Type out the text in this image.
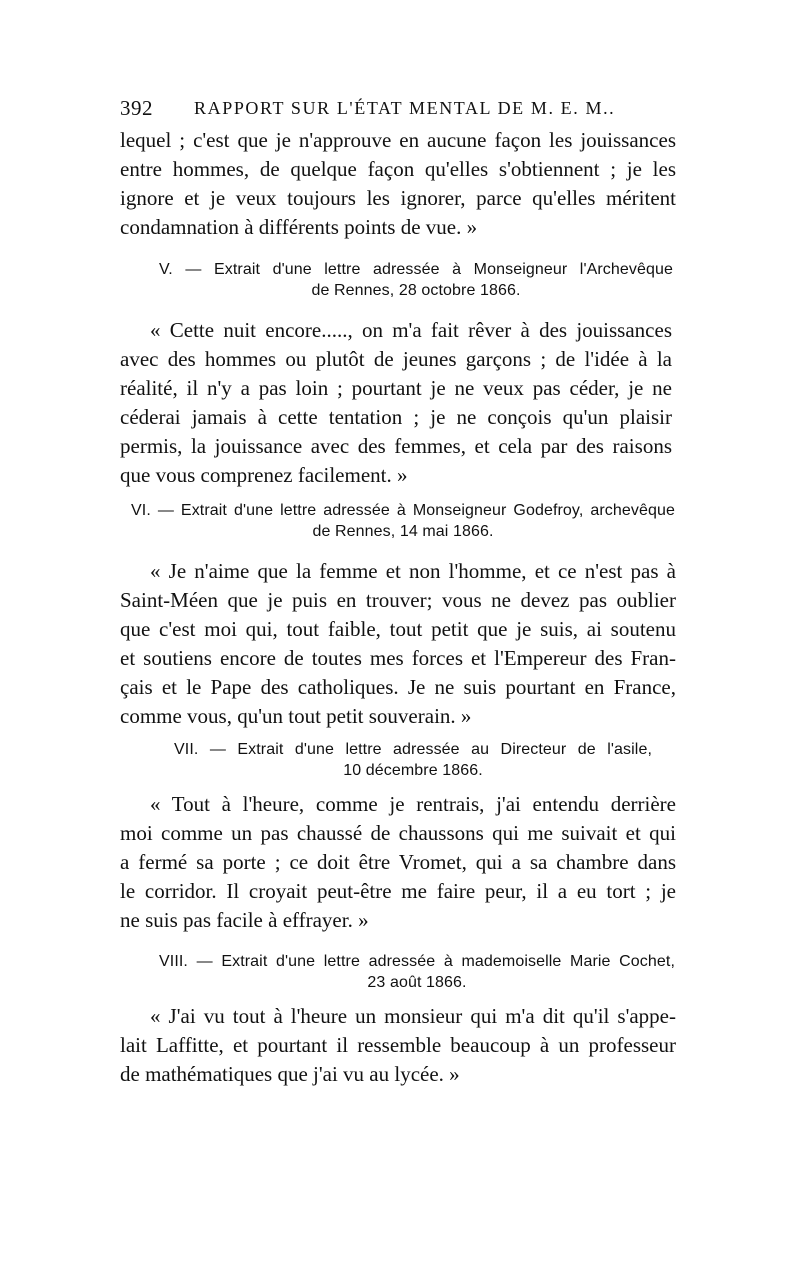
392 RAPPORT SUR L'ÉTAT MENTAL DE M. E. M..
lequel ; c'est que je n'approuve en aucune façon les jouissances
entre hommes, de quelque façon qu'elles s'obtiennent ; je les
ignore et je veux toujours les ignorer, parce qu'elles méritent
condamnation à différents points de vue. »
V. — Extrait d'une lettre adressée à Monseigneur l'Archevêque
de Rennes, 28 octobre 1866.
« Cette nuit encore....., on m'a fait rêver à des jouissances
avec des hommes ou plutôt de jeunes garçons ; de l'idée à la
réalité, il n'y a pas loin ; pourtant je ne veux pas céder, je ne
céderai jamais à cette tentation ; je ne conçois qu'un plaisir
permis, la jouissance avec des femmes, et cela par des raisons
que vous comprenez facilement. »
VI. — Extrait d'une lettre adressée à Monseigneur Godefroy, archevêque
de Rennes, 14 mai 1866.
« Je n'aime que la femme et non l'homme, et ce n'est pas à
Saint-Méen que je puis en trouver; vous ne devez pas oublier
que c'est moi qui, tout faible, tout petit que je suis, ai soutenu
et soutiens encore de toutes mes forces et l'Empereur des Fran-
çais et le Pape des catholiques. Je ne suis pourtant en France,
comme vous, qu'un tout petit souverain. »
VII. — Extrait d'une lettre adressée au Directeur de l'asile,
10 décembre 1866.
« Tout à l'heure, comme je rentrais, j'ai entendu derrière
moi comme un pas chaussé de chaussons qui me suivait et qui
a fermé sa porte ; ce doit être Vromet, qui a sa chambre dans
le corridor. Il croyait peut-être me faire peur, il a eu tort ; je
ne suis pas facile à effrayer. »
VIII. — Extrait d'une lettre adressée à mademoiselle Marie Cochet,
23 août 1866.
« J'ai vu tout à l'heure un monsieur qui m'a dit qu'il s'appe-
lait Laffitte, et pourtant il ressemble beaucoup à un professeur
de mathématiques que j'ai vu au lycée. »
